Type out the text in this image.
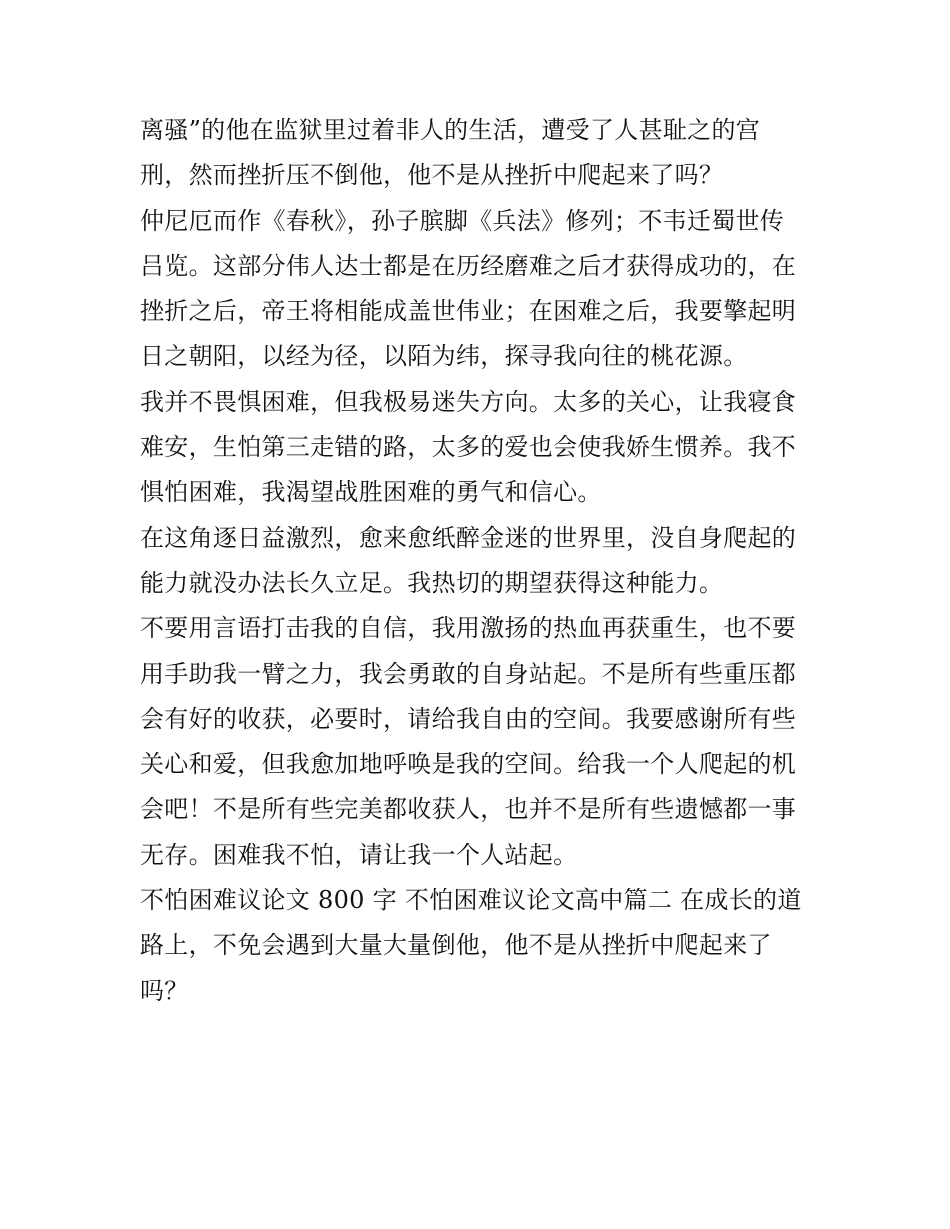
离骚”的他在监狱里过着非人的生活，遭受了人甚耻之的宫
刑，然而挫折压不倒他，他不是从挫折中爬起来了吗？
仲尼厄而作《春秋》，孙子膑脚《兵法》修列；不韦迁蜀世传
吕览。这部分伟人达士都是在历经磨难之后才获得成功的，在
挫折之后，帝王将相能成盖世伟业；在困难之后，我要擎起明
日之朝阳，以经为径，以陌为纬，探寻我向往的桃花源。
我并不畏惧困难，但我极易迷失方向。太多的关心，让我寝食
难安，生怕第三走错的路，太多的爱也会使我娇生惯养。我不
惧怕困难，我渴望战胜困难的勇气和信心。
在这角逐日益激烈，愈来愈纸醉金迷的世界里，没自身爬起的
能力就没办法长久立足。我热切的期望获得这种能力。
不要用言语打击我的自信，我用激扬的热血再获重生，也不要
用手助我一臂之力，我会勇敢的自身站起。不是所有些重压都
会有好的收获，必要时，请给我自由的空间。我要感谢所有些
关心和爱，但我愈加地呼唤是我的空间。给我一个人爬起的机
会吧！不是所有些完美都收获人，也并不是所有些遗憾都一事
无存。困难我不怕，请让我一个人站起。
不怕困难议论文 800 字 不怕困难议论文高中篇二 在成长的道
路上，不免会遇到大量大量倒他，他不是从挫折中爬起来了
吗？
